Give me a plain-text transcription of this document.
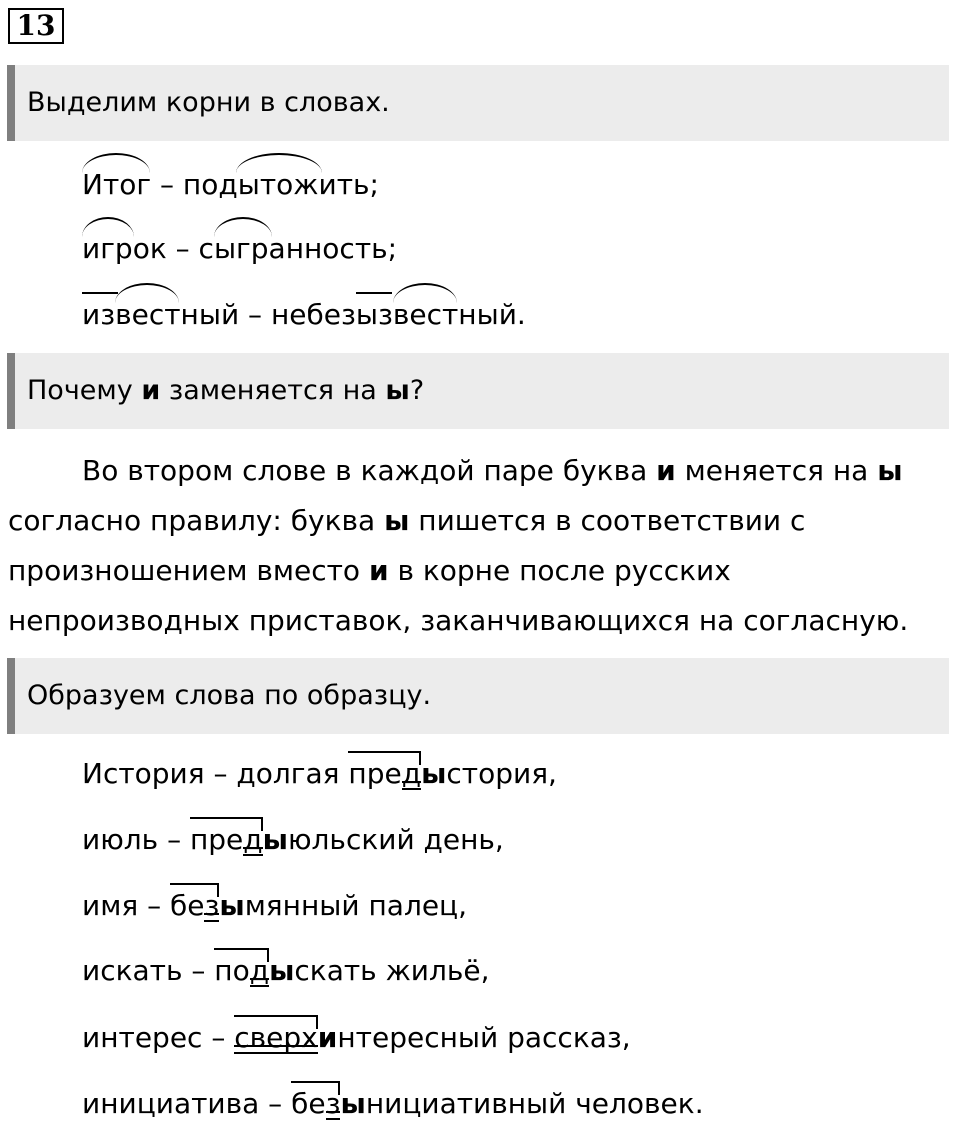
13
Выделим корни в словах.
Итог – под
ытожить;
игрок – с
ыгранность;
из
вестный – небез
ыз
вестный.
Почему и заменяется на ы?
Во втором слове в каждой паре буква и меняется на ы согласно правилу: буква ы пишется в соответствии с произношением вместо и в корне после русских непроизводных приставок, заканчивающихся на согласную.
Образуем слова по образцу.
История – долгая пред
ыстория,
июль – пред
ыюльский день,
имя – без
ымянный палец,
искать – под
ыскать жильё,
интерес – сверх
интересный рассказ,
инициатива – без
ынициативный человек.
